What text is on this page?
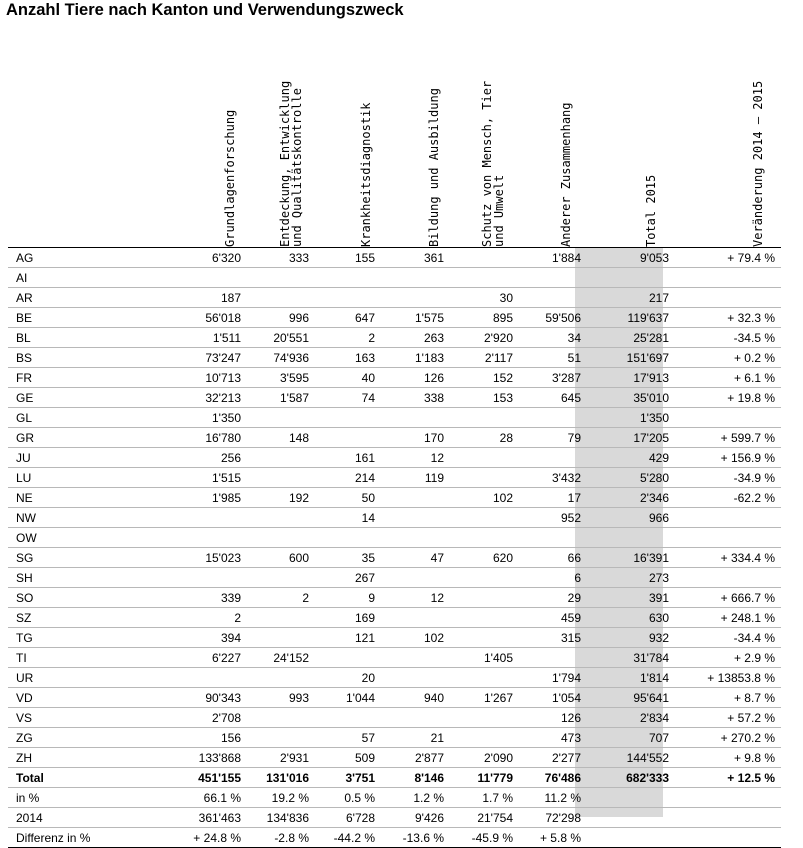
Anzahl Tiere nach Kanton und Verwendungszweck
Grundlagenforschung	Entdeckung, Entwicklung
und Qualitätskontrolle	Krankheitsdiagnostik	Bildung und Ausbildung	Schutz von Mensch, Tier
und Umwelt	Anderer Zusammenhang	Total 2015	Veränderung 2014 – 2015
AG	6'320	333	155	361		1'884	9'053	+ 79.4 %
AI								
AR	187				30		217	
BE	56'018	996	647	1'575	895	59'506	119'637	+ 32.3 %
BL	1'511	20'551	2	263	2'920	34	25'281	-34.5 %
BS	73'247	74'936	163	1'183	2'117	51	151'697	+ 0.2 %
FR	10'713	3'595	40	126	152	3'287	17'913	+ 6.1 %
GE	32'213	1'587	74	338	153	645	35'010	+ 19.8 %
GL	1'350						1'350	
GR	16'780	148		170	28	79	17'205	+ 599.7 %
JU	256		161	12			429	+ 156.9 %
LU	1'515		214	119		3'432	5'280	-34.9 %
NE	1'985	192	50		102	17	2'346	-62.2 %
NW			14			952	966	
OW								
SG	15'023	600	35	47	620	66	16'391	+ 334.4 %
SH			267			6	273	
SO	339	2	9	12		29	391	+ 666.7 %
SZ	2		169			459	630	+ 248.1 %
TG	394		121	102		315	932	-34.4 %
TI	6'227	24'152			1'405		31'784	+ 2.9 %
UR			20			1'794	1'814	+ 13853.8 %
VD	90'343	993	1'044	940	1'267	1'054	95'641	+ 8.7 %
VS	2'708					126	2'834	+ 57.2 %
ZG	156		57	21		473	707	+ 270.2 %
ZH	133'868	2'931	509	2'877	2'090	2'277	144'552	+ 9.8 %
Total	451'155	131'016	3'751	8'146	11'779	76'486	682'333	+ 12.5 %
in %	66.1 %	19.2 %	0.5 %	1.2 %	1.7 %	11.2 %		
2014	361'463	134'836	6'728	9'426	21'754	72'298		
Differenz in %	+ 24.8 %	-2.8 %	-44.2 %	-13.6 %	-45.9 %	+ 5.8 %		
